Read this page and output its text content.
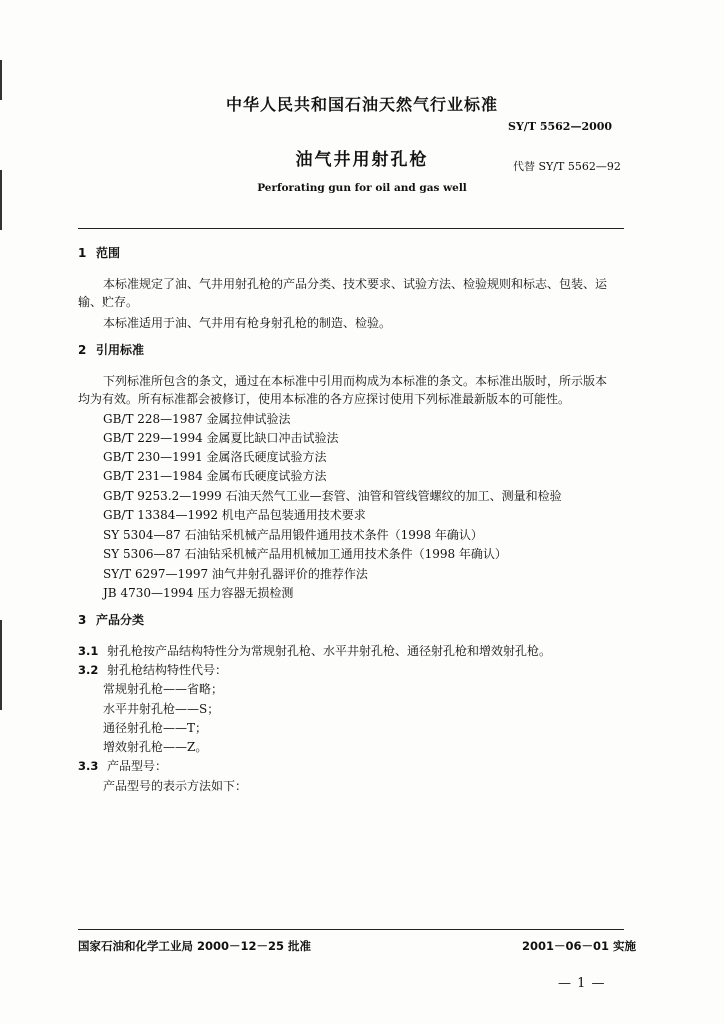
中华人民共和国石油天然气行业标准
SY/T 5562—2000
油气井用射孔枪	代替 SY/T 5562—92
Perforating gun for oil and gas well
1 范围
本标准规定了油、气井用射孔枪的产品分类、技术要求、试验方法、检验规则和标志、包装、运
输、贮存。
本标准适用于油、气井用有枪身射孔枪的制造、检验。
2 引用标准
下列标准所包含的条文，通过在本标准中引用而构成为本标准的条文。本标准出版时，所示版本
均为有效。所有标准都会被修订，使用本标准的各方应探讨使用下列标准最新版本的可能性。
GB/T 228—1987 金属拉伸试验法
GB/T 229—1994 金属夏比缺口冲击试验法
GB/T 230—1991 金属洛氏硬度试验方法
GB/T 231—1984 金属布氏硬度试验方法
GB/T 9253.2—1999 石油天然气工业—套管、油管和管线管螺纹的加工、测量和检验
GB/T 13384—1992 机电产品包装通用技术要求
SY 5304—87 石油钻采机械产品用锻件通用技术条件（1998 年确认）
SY 5306—87 石油钻采机械产品用机械加工通用技术条件（1998 年确认）
SY/T 6297—1997 油气井射孔器评价的推荐作法
JB 4730—1994 压力容器无损检测
3 产品分类
3.1 射孔枪按产品结构特性分为常规射孔枪、水平井射孔枪、通径射孔枪和增效射孔枪。
3.2 射孔枪结构特性代号：
常规射孔枪——省略；
水平井射孔枪——S；
通径射孔枪——T；
增效射孔枪——Z。
3.3 产品型号：
产品型号的表示方法如下：
国家石油和化学工业局 2000－12－25 批准	2001－06－01 实施
— 1 —
